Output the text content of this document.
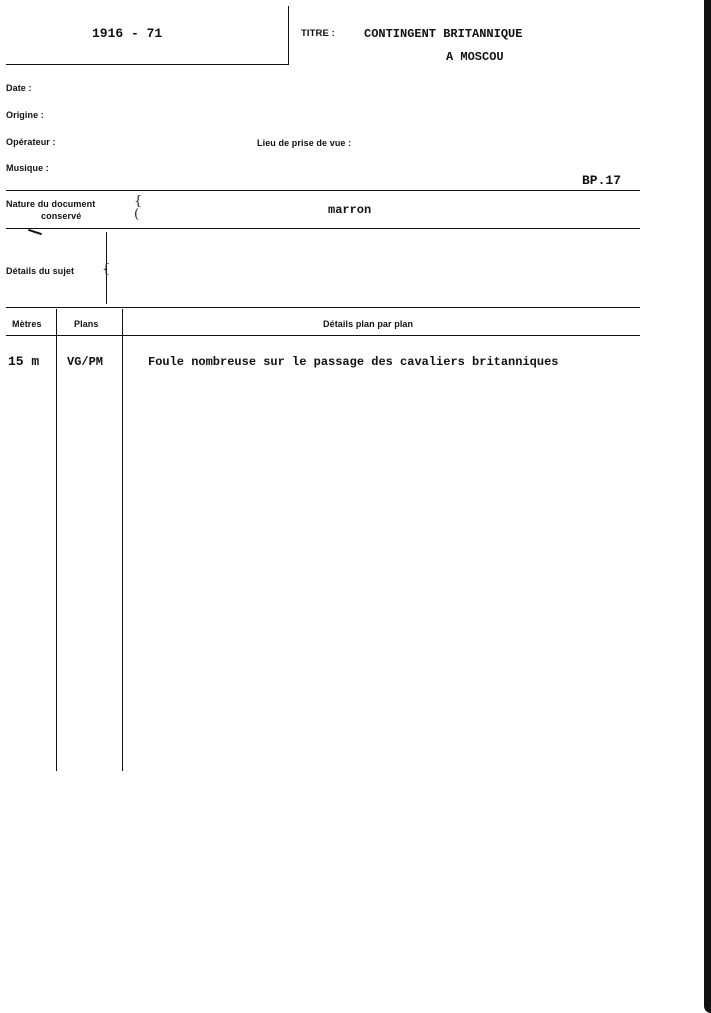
1916 - 71	TITRE : CONTINGENT BRITANNIQUE
A MOSCOU
Date :
Origine :
Opérateur :	Lieu de prise de vue :
Musique :
BP.17
Nature du document
conservé
{
(	marron
Détails du sujet {
Mètres	Plans	Détails plan par plan
15 m VG/PM	Foule nombreuse sur le passage des cavaliers britanniques
